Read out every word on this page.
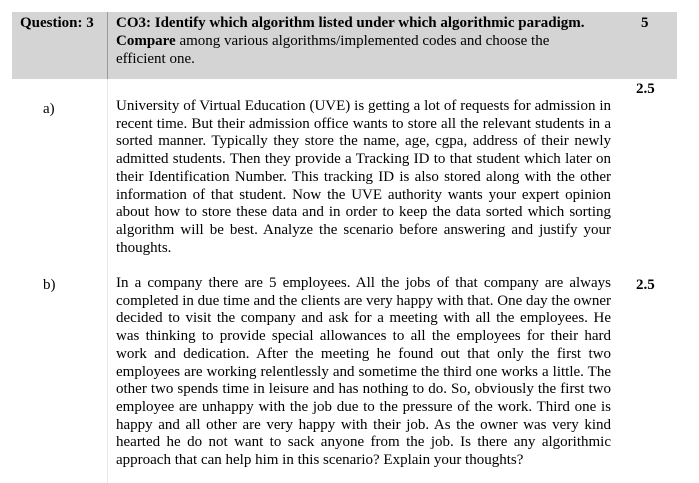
Question: 3 CO3: Identify which algorithm listed under which algorithmic paradigm.
Compare among various algorithms/implemented codes and choose the
efficient one.
5
2.5
a)	University of Virtual Education (UVE) is getting a lot of requests for admission in recent time. But their admission office wants to store all the relevant students in a sorted manner. Typically they store the name, age, cgpa, address of their newly admitted students. Then they provide a Tracking ID to that student which later on their Identification Number. This tracking ID is also stored along with the other information of that student. Now the UVE authority wants your expert opinion about how to store these data and in order to keep the data sorted which sorting algorithm will be best. Analyze the scenario before answering and justify your thoughts.
b)	2.5
In a company there are 5 employees. All the jobs of that company are always completed in due time and the clients are very happy with that. One day the owner decided to visit the company and ask for a meeting with all the employees. He was thinking to provide special allowances to all the employees for their hard work and dedication. After the meeting he found out that only the first two employees are working relentlessly and sometime the third one works a little. The other two spends time in leisure and has nothing to do. So, obviously the first two employee are unhappy with the job due to the pressure of the work. Third one is happy and all other are very happy with their job. As the owner was very kind hearted he do not want to sack anyone from the job. Is there any algorithmic approach that can help him in this scenario? Explain your thoughts?
